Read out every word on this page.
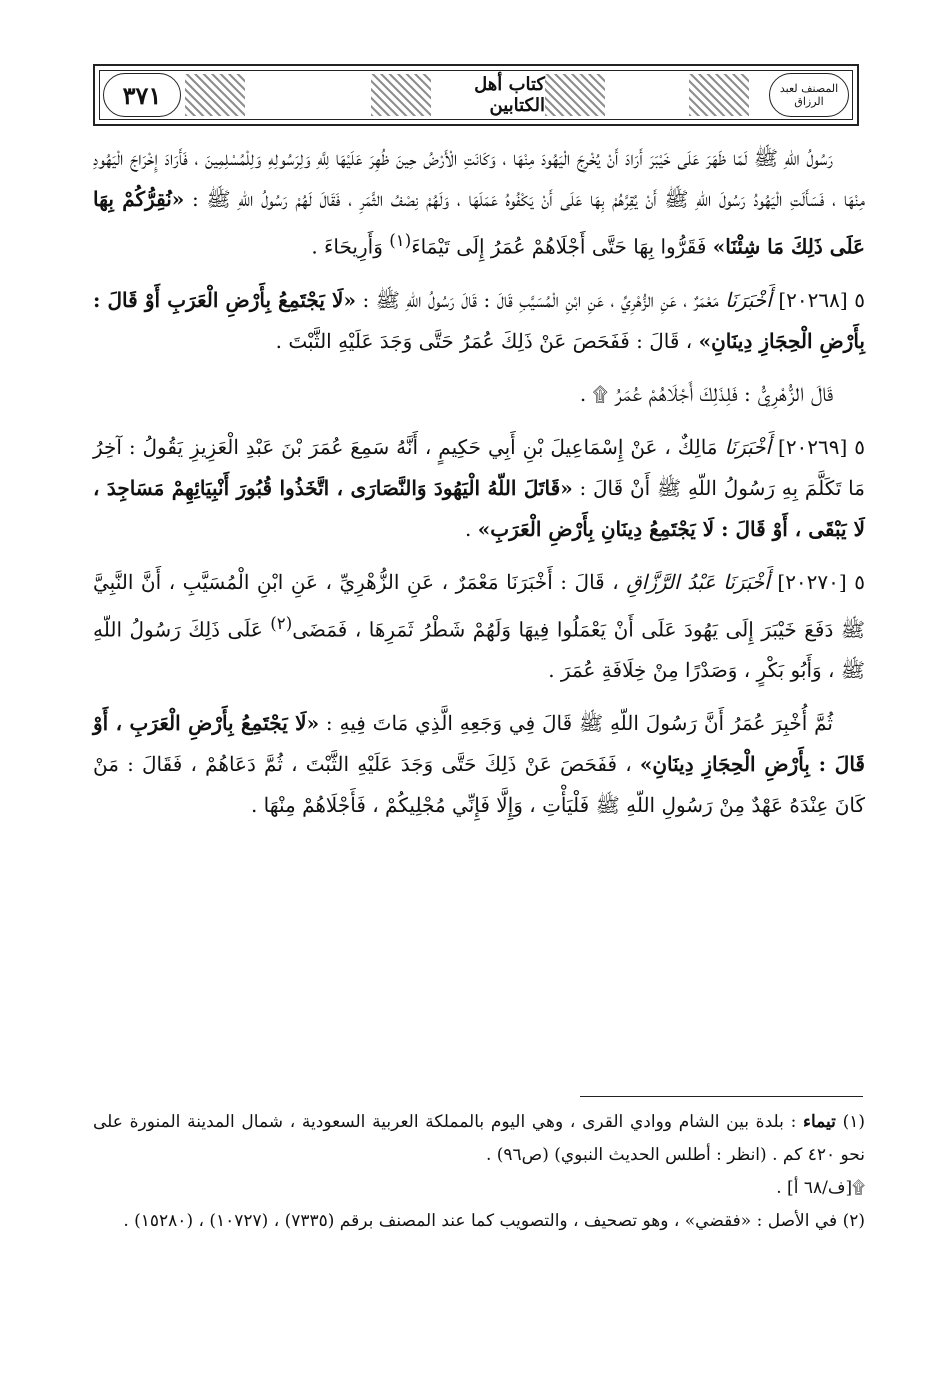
٣٧١	كتاب أهل الكتابين
المصنف لعبد الرزاق

رَسُولُ اللّهِ ﷺ لَمّا ظَهَرَ عَلَى خَيْبَرَ أَرَادَ أَنْ يُخْرِجَ الْيَهُودَ مِنْهَا ، وَكَانَتِ الْأَرْضُ حِينَ ظُهِرَ عَلَيْهَا لِلَّهِ وَلِرَسُولِهِ وَلِلْمُسْلِمِينَ ، فَأَرَادَ إِخْرَاجَ الْيَهُودِ مِنْهَا ، فَسَأَلَتِ الْيَهُودُ رَسُولَ اللّهِ ﷺ أَنْ يُقِرَّهُمْ بِهَا عَلَى أَنْ يَكْفُوهُ عَمَلَهَا ، وَلَهُمْ نِصْفُ الثَّمَرِ ، فَقَالَ لَهُمْ رَسُولُ اللّهِ ﷺ : «نُقِرُّكُمْ بِهَا عَلَى ذَلِكَ مَا شِئْنَا» فَقَرُّوا بِهَا حَتَّى أَجْلَاهُمْ عُمَرُ إِلَى تَيْمَاءَ$^{(١)}$ وَأَرِيحَاءَ .

٥ [٢٠٢٦٨] أَخْبَرَنَا مَعْمَرٌ ، عَنِ الزُّهْرِيِّ ، عَنِ ابْنِ الْمُسَيَّبِ قَالَ : قَالَ رَسُولُ اللّهِ ﷺ : «لَا يَجْتَمِعُ بِأَرْضِ الْعَرَبِ أَوْ قَالَ : بِأَرْضِ الْحِجَازِ دِينَانِ» ، قَالَ : فَفَحَصَ عَنْ ذَلِكَ عُمَرُ حَتَّى وَجَدَ عَلَيْهِ الثَّبْتَ .

قَالَ الزُّهْرِيُّ : فَلِذَلِكَ أَجْلَاهُمْ عُمَرُ ۩ .

٥ [٢٠٢٦٩] أَخْبَرَنَا مَالِكٌ ، عَنْ إِسْمَاعِيلَ بْنِ أَبِي حَكِيمٍ ، أَنَّهُ سَمِعَ عُمَرَ بْنَ عَبْدِ الْعَزِيزِ يَقُولُ : آخِرُ مَا تَكَلَّمَ بِهِ رَسُولُ اللّهِ ﷺ أَنْ قَالَ : «قَاتَلَ اللّهُ الْيَهُودَ وَالنَّصَارَى ، اتَّخَذُوا قُبُورَ أَنْبِيَائِهِمْ مَسَاجِدَ ، لَا يَبْقَى ، أَوْ قَالَ : لَا يَجْتَمِعُ دِينَانِ بِأَرْضِ الْعَرَبِ» .

٥ [٢٠٢٧٠] أَخْبَرَنَا عَبْدُ الرَّزَّاقِ ، قَالَ : أَخْبَرَنَا مَعْمَرٌ ، عَنِ الزُّهْرِيِّ ، عَنِ ابْنِ الْمُسَيَّبِ ، أَنَّ النَّبِيَّ ﷺ دَفَعَ خَيْبَرَ إِلَى يَهُودَ عَلَى أَنْ يَعْمَلُوا فِيهَا وَلَهُمْ شَطْرُ ثَمَرِهَا ، فَمَضَى$^{(٢)}$ عَلَى ذَلِكَ رَسُولُ اللّهِ ﷺ ، وَأَبُو بَكْرٍ ، وَصَدْرًا مِنْ خِلَافَةِ عُمَرَ .

ثُمَّ أُخْبِرَ عُمَرُ أَنَّ رَسُولَ اللّهِ ﷺ قَالَ فِي وَجَعِهِ الَّذِي مَاتَ فِيهِ : «لَا يَجْتَمِعُ بِأَرْضِ الْعَرَبِ ، أَوْ قَالَ : بِأَرْضِ الْحِجَازِ دِينَانِ» ، فَفَحَصَ عَنْ ذَلِكَ حَتَّى وَجَدَ عَلَيْهِ الثَّبْتَ ، ثُمَّ دَعَاهُمْ ، فَقَالَ : مَنْ كَانَ عِنْدَهُ عَهْدٌ مِنْ رَسُولِ اللّهِ ﷺ فَلْيَأْتِ ، وَإِلَّا فَإِنِّي مُجْلِيكُمْ ، فَأَجْلَاهُمْ مِنْهَا .

(١) تيماء : بلدة بين الشام ووادي القرى ، وهي اليوم بالمملكة العربية السعودية ، شمال المدينة المنورة على نحو ٤٢٠ كم . (انظر : أطلس الحديث النبوي) (ص٩٦) .

۩[ف/٦٨ أ] .

(٢) في الأصل : «فقضي» ، وهو تصحيف ، والتصويب كما عند المصنف برقم (٧٣٣٥) ، (١٠٧٢٧) ، (١٥٢٨٠) .
